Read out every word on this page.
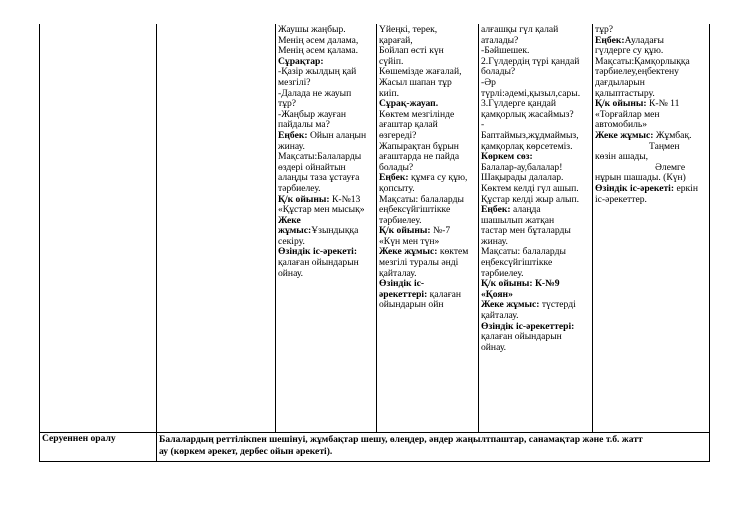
Жаушы жаңбыр.
Менің әсем далама,
Менің әсем қалама.
Сұрақтар:
-Қазір жылдың қай
мезгілі?
-Далада не жауып
тұр?
-Жаңбыр жауған
пайдалы ма?
Еңбек: Ойын алаңын
жинау.
Мақсаты:Балаларды
өздері ойнайтын
алаңды таза ұстауға
тәрбиелеу.
Қ/к ойыны: К-№13
«Құстар мен мысық»
Жеке
жұмыс:Ұзындыққа
секіру.
Өзіндік іс-әрекеті:
қалаған ойындарын
ойнау.
Үйеңкі, терек,
қарағай,
Бойлап өсті күн
сүйіп.
Көшемізде жағалай,
Жасыл шапан тұр
киіп.
Сұрақ-жауап.
Көктем мезгілінде
ағаштар қалай
өзгереді?
Жапырақтан бұрын
ағаштарда не пайда
болады?
Еңбек: құмға су құю,
қопсыту.
Мақсаты: балаларды
еңбексүйгіштікке
тәрбиелеу.
Қ/к ойыны: №-7
«Күн мен түн»
Жеке жұмыс: көктем
мезгілі туралы әнді
қайталау.
Өзіндік іс-
әрекеттері: қалаған
ойындарын ойн
алғашқы гүл қалай
аталады?
-Бәйшешек.
2.Гүлдердің түрі қандай
болады?
-Әр
түрлі:әдемі,қызыл,сары.
3.Гүлдерге қандай
қамқорлық жасаймыз?
-
Баптаймыз,жұдмаймыз,
қамқорлақ көрсетеміз.
Көркем сөз:
Балалар-ау,балалар!
Шақырады далалар.
Көктем келді гүл ашып.
Құстар келді жыр алып.
Еңбек: алаңда
шашылып жатқан
тастар мен бұталарды
жинау.
Мақсаты: балаларды
еңбексүйгіштікке
тәрбиелеу.
Қ/к ойыны: К-№9
«Қоян»
Жеке жұмыс: түстерді
қайталау.
Өзіндік іс-әрекеттері:
қалаған ойындарын
ойнау.
тұр?
Еңбек:Ауладағы
гүлдерге су құю.
Мақсаты:Қамқорлыққа
тәрбиелеу,еңбектену
дағдыларын
қалыптастыру.
Қ/к ойыны: К-№ 11
«Торғайлар мен
автомобиль»
Жеке жұмыс: Жұмбақ.
Таңмен
көзін ашады,
Әлемге
нұрын шашады. (Күн)
Өзіндік іс-әрекеті: еркін
іс-әрекеттер.
Серуеннен оралу	Балалардың реттілікпен шешінуі, жұмбақтар шешу, өлеңдер, әндер жаңылтпаштар, санамақтар және т.б. жатт
ау (көркем әрекет, дербес ойын әрекеті).
